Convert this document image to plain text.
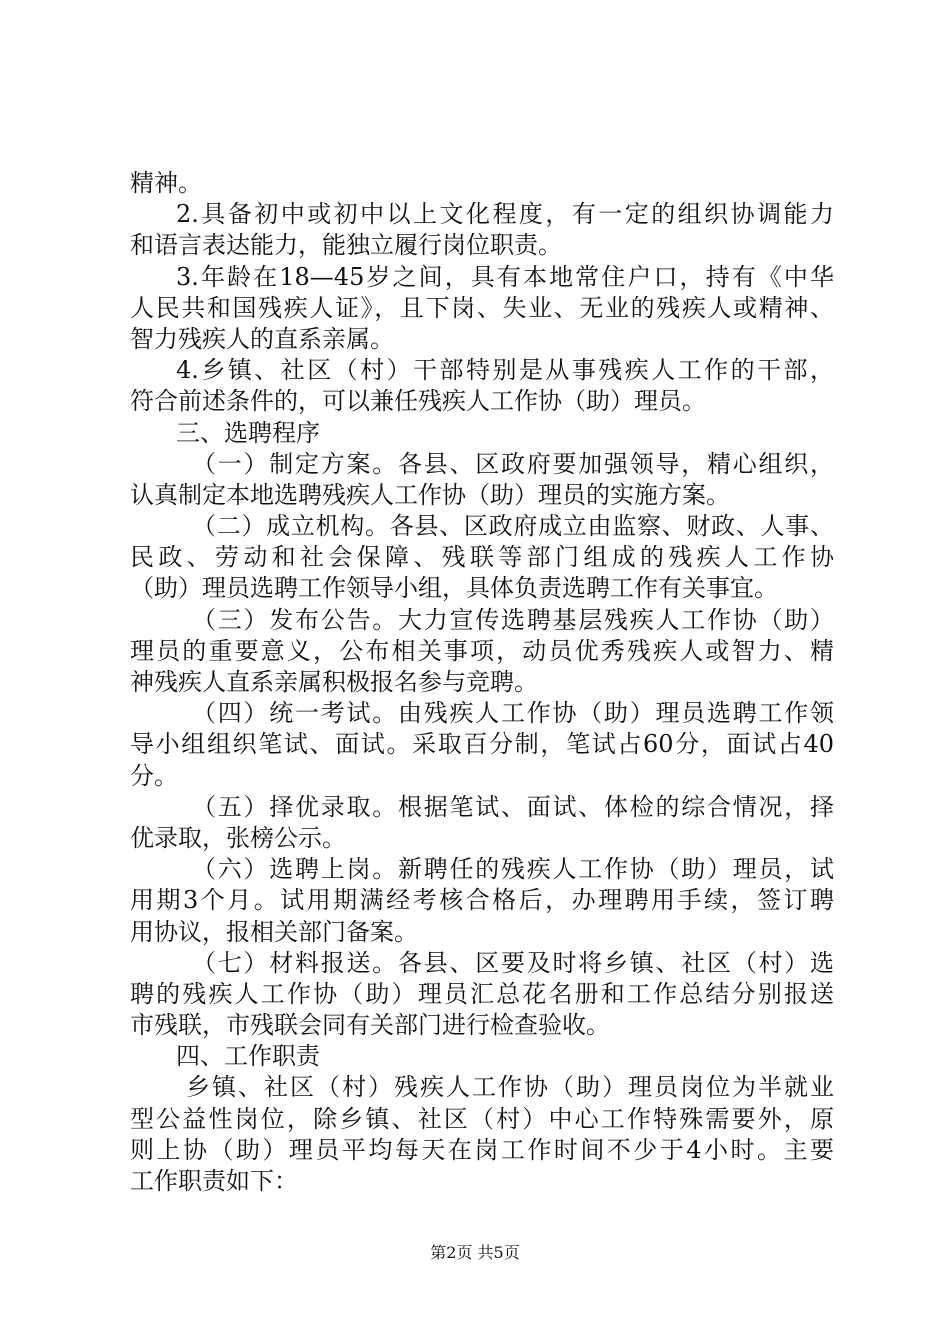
精神。
2.具备初中或初中以上文化程度，有一定的组织协调能力
和语言表达能力，能独立履行岗位职责。
3.年龄在18—45岁之间，具有本地常住户口，持有《中华
人民共和国残疾人证》，且下岗、失业、无业的残疾人或精神、
智力残疾人的直系亲属。
4.乡镇、社区（村）干部特别是从事残疾人工作的干部，
符合前述条件的，可以兼任残疾人工作协（助）理员。
三、选聘程序
（一）制定方案。各县、区政府要加强领导，精心组织，
认真制定本地选聘残疾人工作协（助）理员的实施方案。
（二）成立机构。各县、区政府成立由监察、财政、人事、
民政、劳动和社会保障、残联等部门组成的残疾人工作协
（助）理员选聘工作领导小组，具体负责选聘工作有关事宜。
（三）发布公告。大力宣传选聘基层残疾人工作协（助）
理员的重要意义，公布相关事项，动员优秀残疾人或智力、精
神残疾人直系亲属积极报名参与竞聘。
（四）统一考试。由残疾人工作协（助）理员选聘工作领
导小组组织笔试、面试。采取百分制，笔试占60分，面试占40
分。
（五）择优录取。根据笔试、面试、体检的综合情况，择
优录取，张榜公示。
（六）选聘上岗。新聘任的残疾人工作协（助）理员，试
用期3个月。试用期满经考核合格后，办理聘用手续，签订聘
用协议，报相关部门备案。
（七）材料报送。各县、区要及时将乡镇、社区（村）选
聘的残疾人工作协（助）理员汇总花名册和工作总结分别报送
市残联，市残联会同有关部门进行检查验收。
四、工作职责
乡镇、社区（村）残疾人工作协（助）理员岗位为半就业
型公益性岗位，除乡镇、社区（村）中心工作特殊需要外，原
则上协（助）理员平均每天在岗工作时间不少于4小时。主要
工作职责如下：
第2页 共5页
